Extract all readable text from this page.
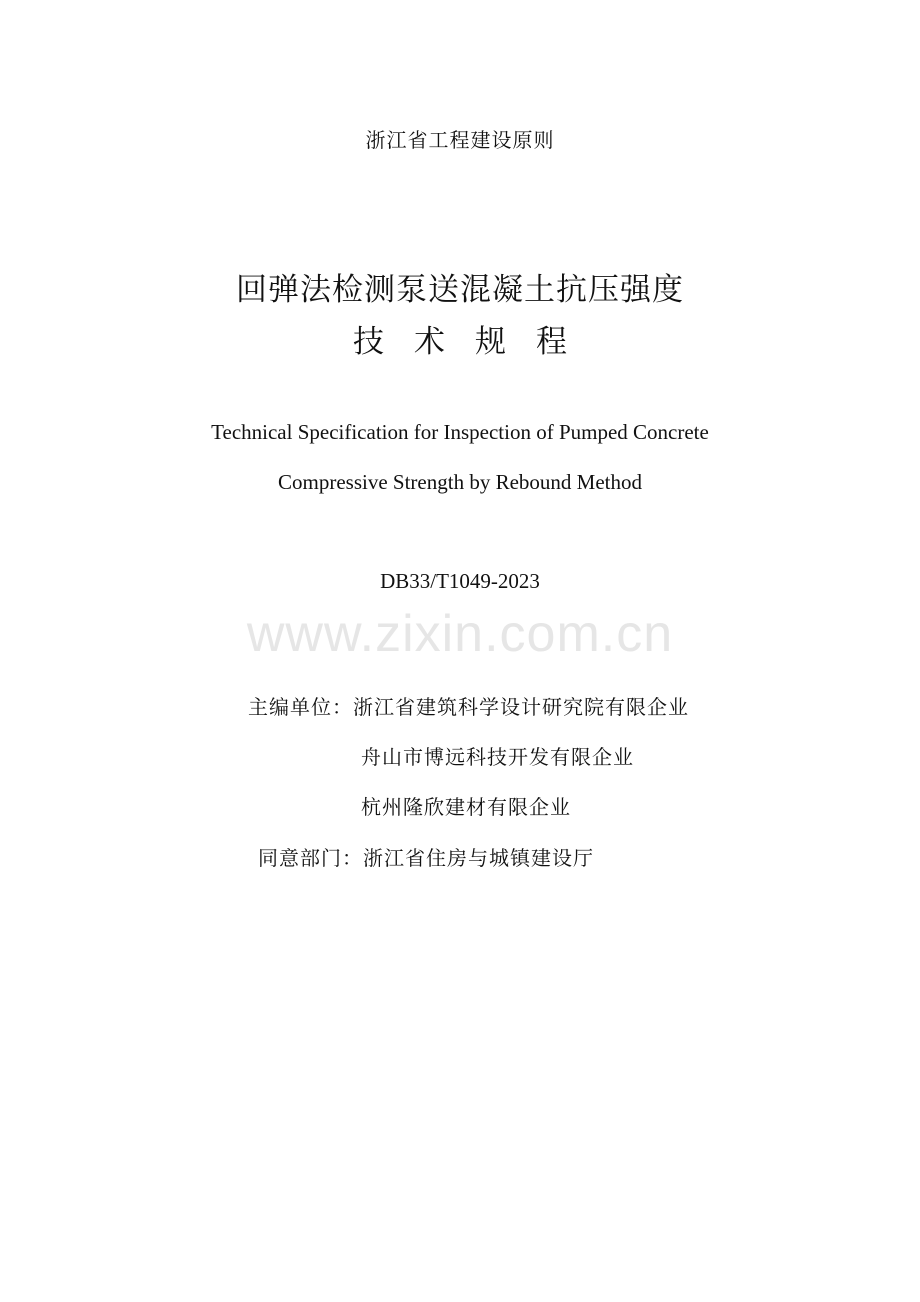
浙江省工程建设原则
回弹法检测泵送混凝土抗压强度
技术规程
Technical Specification for Inspection of Pumped Concrete
Compressive Strength by Rebound Method
DB33/T1049-2023
www.zixin.com.cn
主编单位：浙江省建筑科学设计研究院有限企业
舟山市博远科技开发有限企业
杭州隆欣建材有限企业
同意部门：浙江省住房与城镇建设厅
